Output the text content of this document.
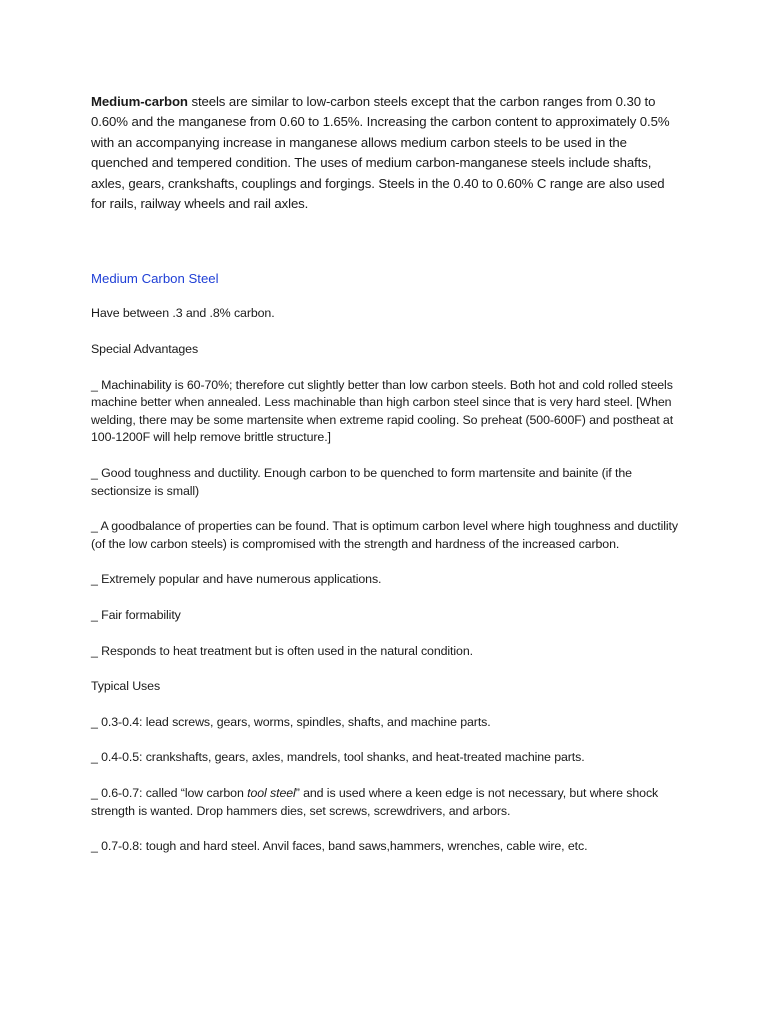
Medium-carbon steels are similar to low-carbon steels except that the carbon ranges from 0.30 to 0.60% and the manganese from 0.60 to 1.65%. Increasing the carbon content to approximately 0.5% with an accompanying increase in manganese allows medium carbon steels to be used in the quenched and tempered condition. The uses of medium carbon-manganese steels include shafts, axles, gears, crankshafts, couplings and forgings. Steels in the 0.40 to 0.60% C range are also used for rails, railway wheels and rail axles.

Medium Carbon Steel

Have between .3 and .8% carbon.

Special Advantages

_ Machinability is 60-70%; therefore cut slightly better than low carbon steels. Both hot and cold rolled steels machine better when annealed. Less machinable than high carbon steel since that is very hard steel. [When welding, there may be some martensite when extreme rapid cooling. So preheat (500-600F) and postheat at 100-1200F will help remove brittle structure.]

_ Good toughness and ductility. Enough carbon to be quenched to form martensite and bainite (if the sectionsize is small)

_ A goodbalance of properties can be found. That is optimum carbon level where high toughness and ductility (of the low carbon steels) is compromised with the strength and hardness of the increased carbon.

_ Extremely popular and have numerous applications.

_ Fair formability

_ Responds to heat treatment but is often used in the natural condition.

Typical Uses

_ 0.3-0.4: lead screws, gears, worms, spindles, shafts, and machine parts.

_ 0.4-0.5: crankshafts, gears, axles, mandrels, tool shanks, and heat-treated machine parts.

_ 0.6-0.7: called “low carbon tool steel” and is used where a keen edge is not necessary, but where shock strength is wanted. Drop hammers dies, set screws, screwdrivers, and arbors.

_ 0.7-0.8: tough and hard steel. Anvil faces, band saws,hammers, wrenches, cable wire, etc.
